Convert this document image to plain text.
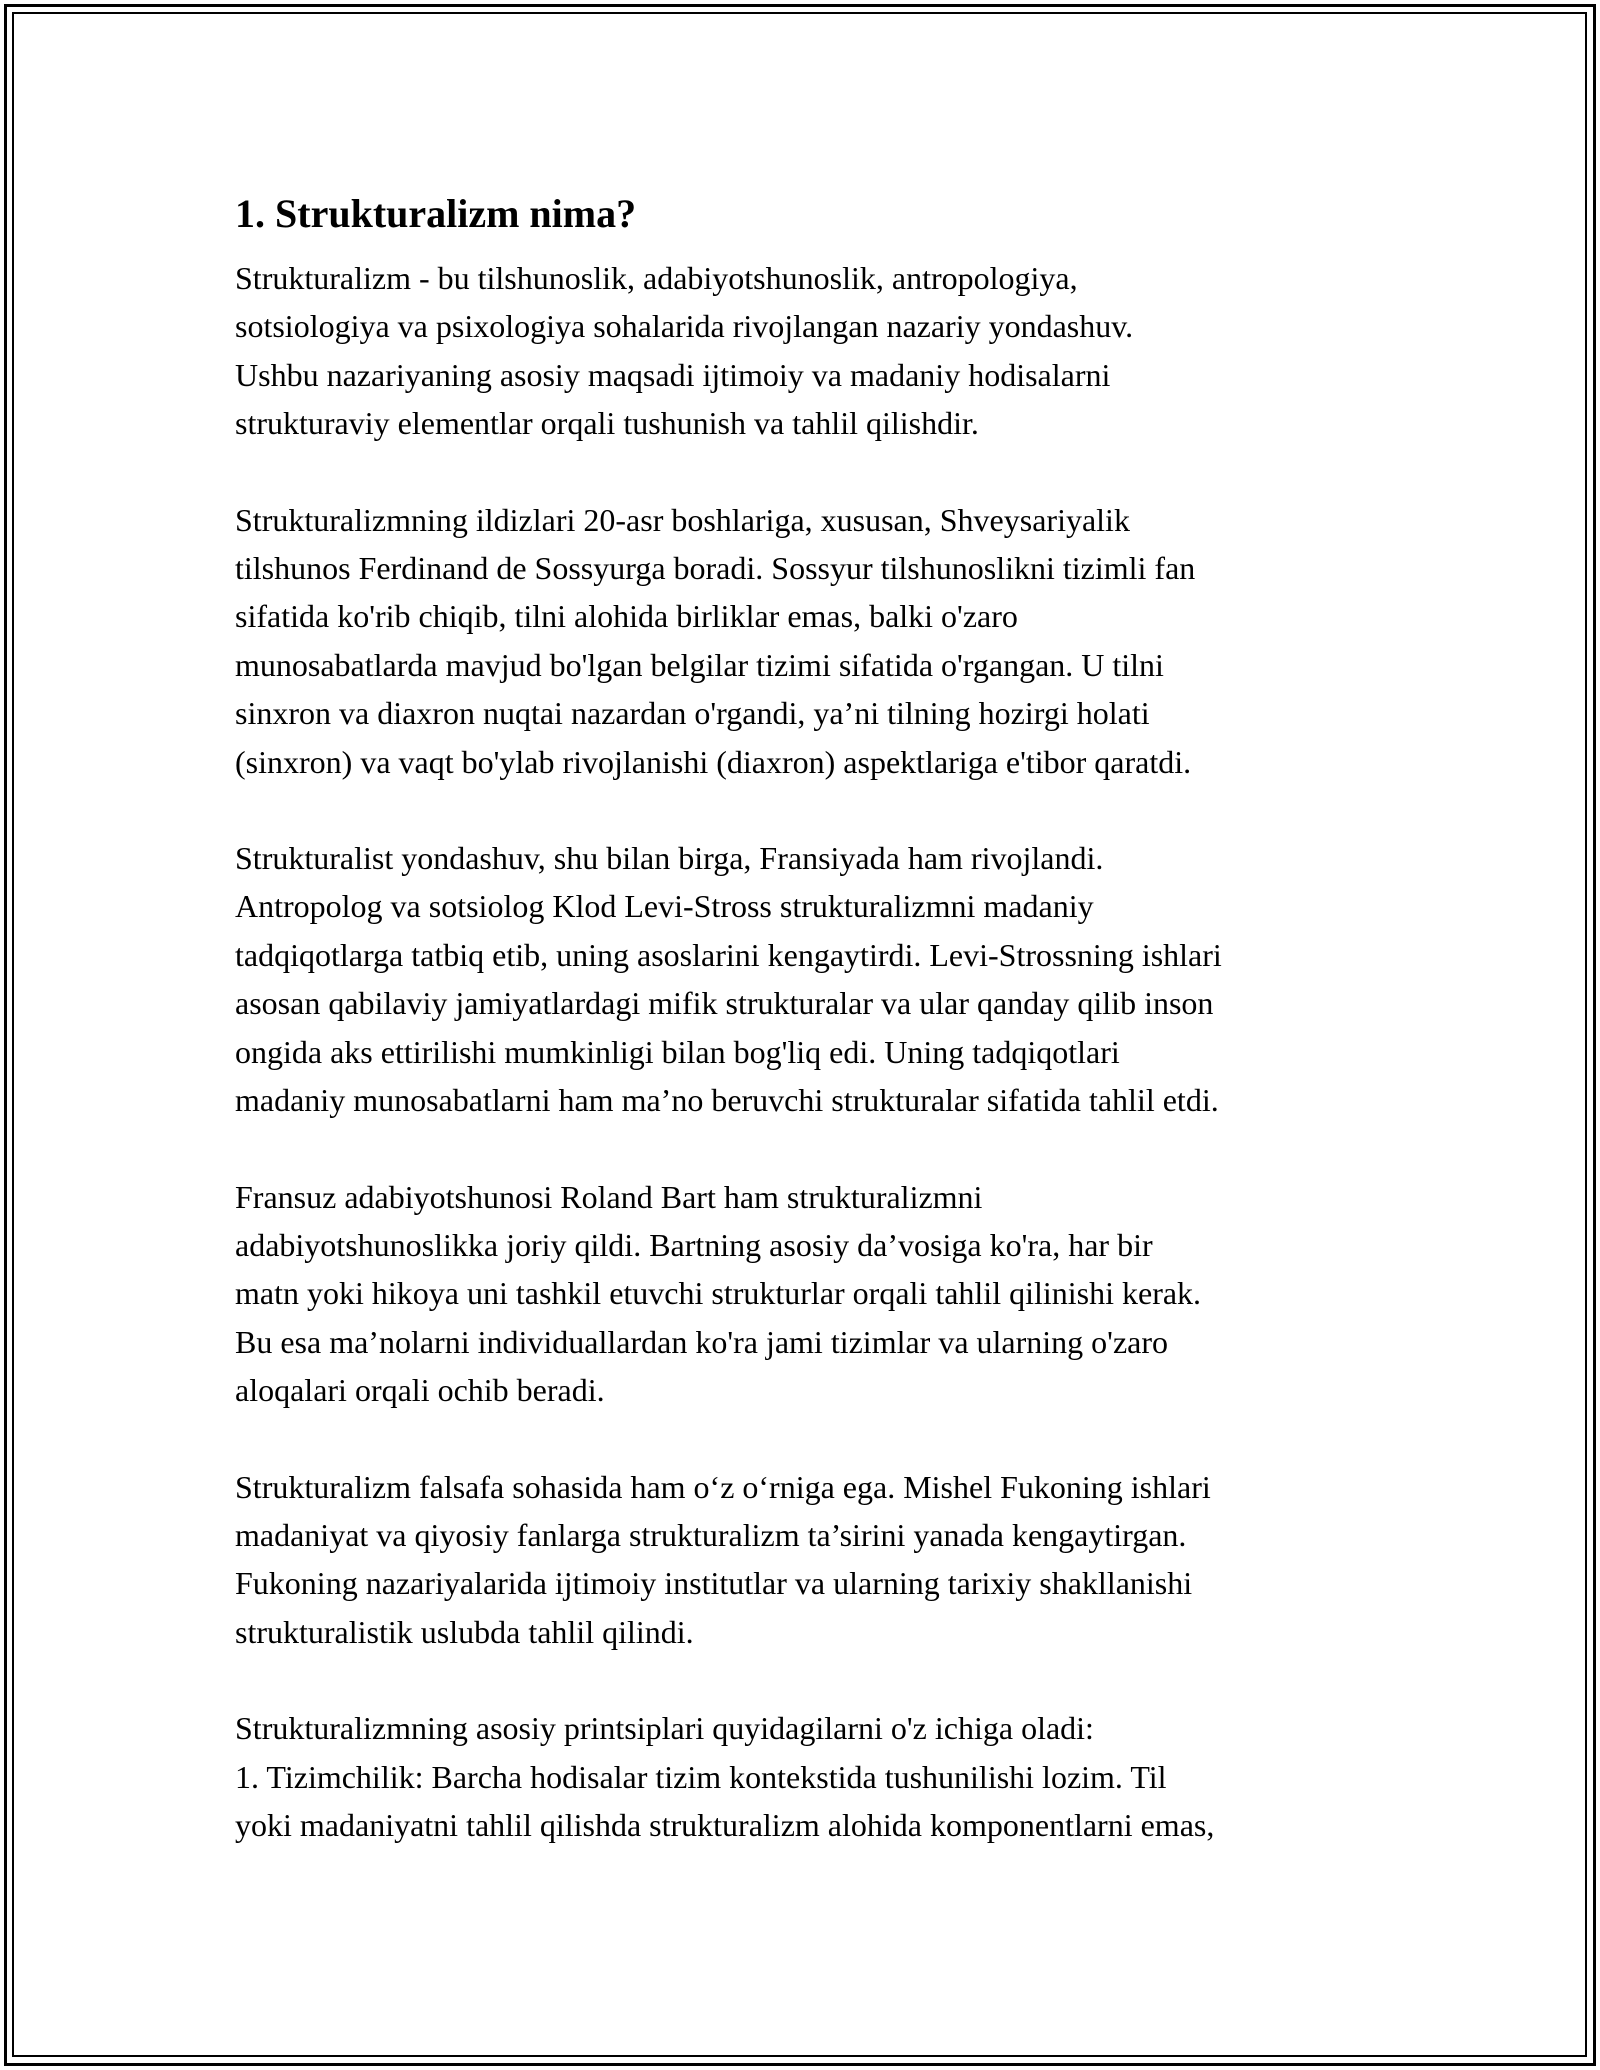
1. Strukturalizm nima?
Strukturalizm - bu tilshunoslik, adabiyotshunoslik, antropologiya,
sotsiologiya va psixologiya sohalarida rivojlangan nazariy yondashuv.
Ushbu nazariyaning asosiy maqsadi ijtimoiy va madaniy hodisalarni
strukturaviy elementlar orqali tushunish va tahlil qilishdir.
Strukturalizmning ildizlari 20-asr boshlariga, xususan, Shveysariyalik
tilshunos Ferdinand de Sossyurga boradi. Sossyur tilshunoslikni tizimli fan
sifatida ko'rib chiqib, tilni alohida birliklar emas, balki o'zaro
munosabatlarda mavjud bo'lgan belgilar tizimi sifatida o'rgangan. U tilni
sinxron va diaxron nuqtai nazardan o'rgandi, ya’ni tilning hozirgi holati
(sinxron) va vaqt bo'ylab rivojlanishi (diaxron) aspektlariga e'tibor qaratdi.
Strukturalist yondashuv, shu bilan birga, Fransiyada ham rivojlandi.
Antropolog va sotsiolog Klod Levi-Stross strukturalizmni madaniy
tadqiqotlarga tatbiq etib, uning asoslarini kengaytirdi. Levi-Strossning ishlari
asosan qabilaviy jamiyatlardagi mifik strukturalar va ular qanday qilib inson
ongida aks ettirilishi mumkinligi bilan bog'liq edi. Uning tadqiqotlari
madaniy munosabatlarni ham ma’no beruvchi strukturalar sifatida tahlil etdi.
Fransuz adabiyotshunosi Roland Bart ham strukturalizmni
adabiyotshunoslikka joriy qildi. Bartning asosiy da’vosiga ko'ra, har bir
matn yoki hikoya uni tashkil etuvchi strukturlar orqali tahlil qilinishi kerak.
Bu esa ma’nolarni individuallardan ko'ra jami tizimlar va ularning o'zaro
aloqalari orqali ochib beradi.
Strukturalizm falsafa sohasida ham o‘z o‘rniga ega. Mishel Fukoning ishlari
madaniyat va qiyosiy fanlarga strukturalizm ta’sirini yanada kengaytirgan.
Fukoning nazariyalarida ijtimoiy institutlar va ularning tarixiy shakllanishi
strukturalistik uslubda tahlil qilindi.
Strukturalizmning asosiy printsiplari quyidagilarni o'z ichiga oladi:
1. Tizimchilik: Barcha hodisalar tizim kontekstida tushunilishi lozim. Til
yoki madaniyatni tahlil qilishda strukturalizm alohida komponentlarni emas,
